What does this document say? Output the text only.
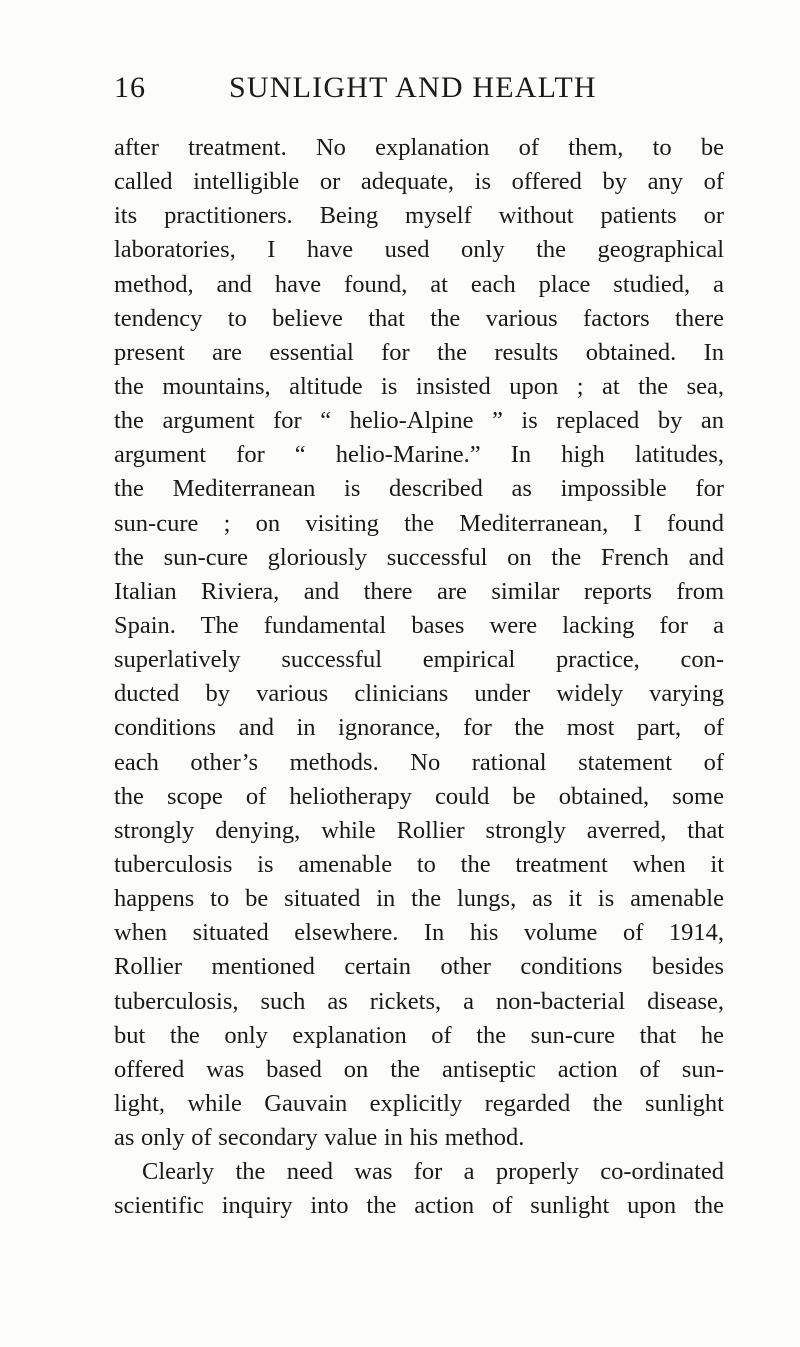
16	SUNLIGHT AND HEALTH
after treatment. No explanation of them, to be
called intelligible or adequate, is offered by any of
its practitioners. Being myself without patients or
laboratories, I have used only the geographical
method, and have found, at each place studied, a
tendency to believe that the various factors there
present are essential for the results obtained. In
the mountains, altitude is insisted upon ; at the sea,
the argument for “ helio-Alpine ” is replaced by an
argument for “ helio-Marine.” In high latitudes,
the Mediterranean is described as impossible for
sun-cure ; on visiting the Mediterranean, I found
the sun-cure gloriously successful on the French and
Italian Riviera, and there are similar reports from
Spain. The fundamental bases were lacking for a
superlatively successful empirical practice, con-
ducted by various clinicians under widely varying
conditions and in ignorance, for the most part, of
each other’s methods. No rational statement of
the scope of heliotherapy could be obtained, some
strongly denying, while Rollier strongly averred, that
tuberculosis is amenable to the treatment when it
happens to be situated in the lungs, as it is amenable
when situated elsewhere. In his volume of 1914,
Rollier mentioned certain other conditions besides
tuberculosis, such as rickets, a non-bacterial disease,
but the only explanation of the sun-cure that he
offered was based on the antiseptic action of sun-
light, while Gauvain explicitly regarded the sunlight
as only of secondary value in his method.
Clearly the need was for a properly co-ordinated
scientific inquiry into the action of sunlight upon the
